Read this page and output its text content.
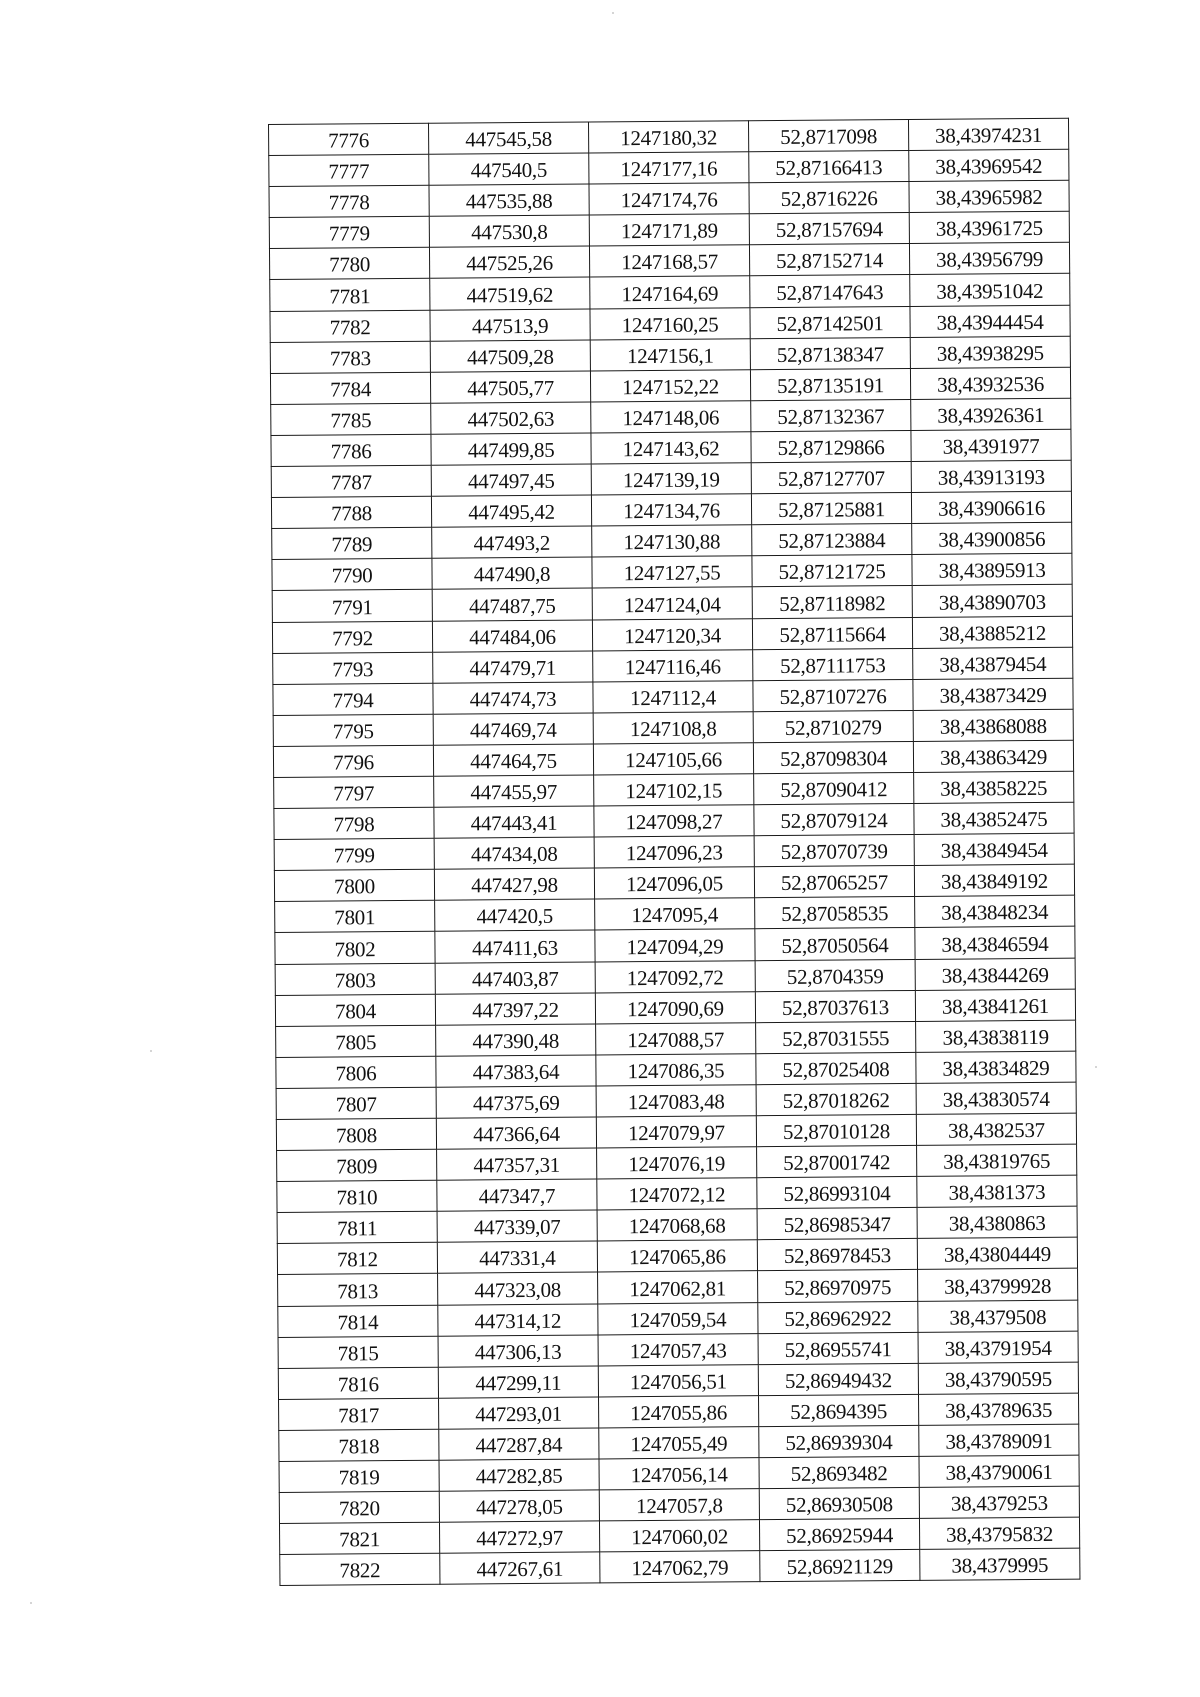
7776	447545,58	1247180,32	52,8717098	38,43974231
7777	447540,5	1247177,16	52,87166413	38,43969542
7778	447535,88	1247174,76	52,8716226	38,43965982
7779	447530,8	1247171,89	52,87157694	38,43961725
7780	447525,26	1247168,57	52,87152714	38,43956799
7781	447519,62	1247164,69	52,87147643	38,43951042
7782	447513,9	1247160,25	52,87142501	38,43944454
7783	447509,28	1247156,1	52,87138347	38,43938295
7784	447505,77	1247152,22	52,87135191	38,43932536
7785	447502,63	1247148,06	52,87132367	38,43926361
7786	447499,85	1247143,62	52,87129866	38,4391977
7787	447497,45	1247139,19	52,87127707	38,43913193
7788	447495,42	1247134,76	52,87125881	38,43906616
7789	447493,2	1247130,88	52,87123884	38,43900856
7790	447490,8	1247127,55	52,87121725	38,43895913
7791	447487,75	1247124,04	52,87118982	38,43890703
7792	447484,06	1247120,34	52,87115664	38,43885212
7793	447479,71	1247116,46	52,87111753	38,43879454
7794	447474,73	1247112,4	52,87107276	38,43873429
7795	447469,74	1247108,8	52,8710279	38,43868088
7796	447464,75	1247105,66	52,87098304	38,43863429
7797	447455,97	1247102,15	52,87090412	38,43858225
7798	447443,41	1247098,27	52,87079124	38,43852475
7799	447434,08	1247096,23	52,87070739	38,43849454
7800	447427,98	1247096,05	52,87065257	38,43849192
7801	447420,5	1247095,4	52,87058535	38,43848234
7802	447411,63	1247094,29	52,87050564	38,43846594
7803	447403,87	1247092,72	52,8704359	38,43844269
7804	447397,22	1247090,69	52,87037613	38,43841261
7805	447390,48	1247088,57	52,87031555	38,43838119
7806	447383,64	1247086,35	52,87025408	38,43834829
7807	447375,69	1247083,48	52,87018262	38,43830574
7808	447366,64	1247079,97	52,87010128	38,4382537
7809	447357,31	1247076,19	52,87001742	38,43819765
7810	447347,7	1247072,12	52,86993104	38,4381373
7811	447339,07	1247068,68	52,86985347	38,4380863
7812	447331,4	1247065,86	52,86978453	38,43804449
7813	447323,08	1247062,81	52,86970975	38,43799928
7814	447314,12	1247059,54	52,86962922	38,4379508
7815	447306,13	1247057,43	52,86955741	38,43791954
7816	447299,11	1247056,51	52,86949432	38,43790595
7817	447293,01	1247055,86	52,8694395	38,43789635
7818	447287,84	1247055,49	52,86939304	38,43789091
7819	447282,85	1247056,14	52,8693482	38,43790061
7820	447278,05	1247057,8	52,86930508	38,4379253
7821	447272,97	1247060,02	52,86925944	38,43795832
7822	447267,61	1247062,79	52,86921129	38,4379995
